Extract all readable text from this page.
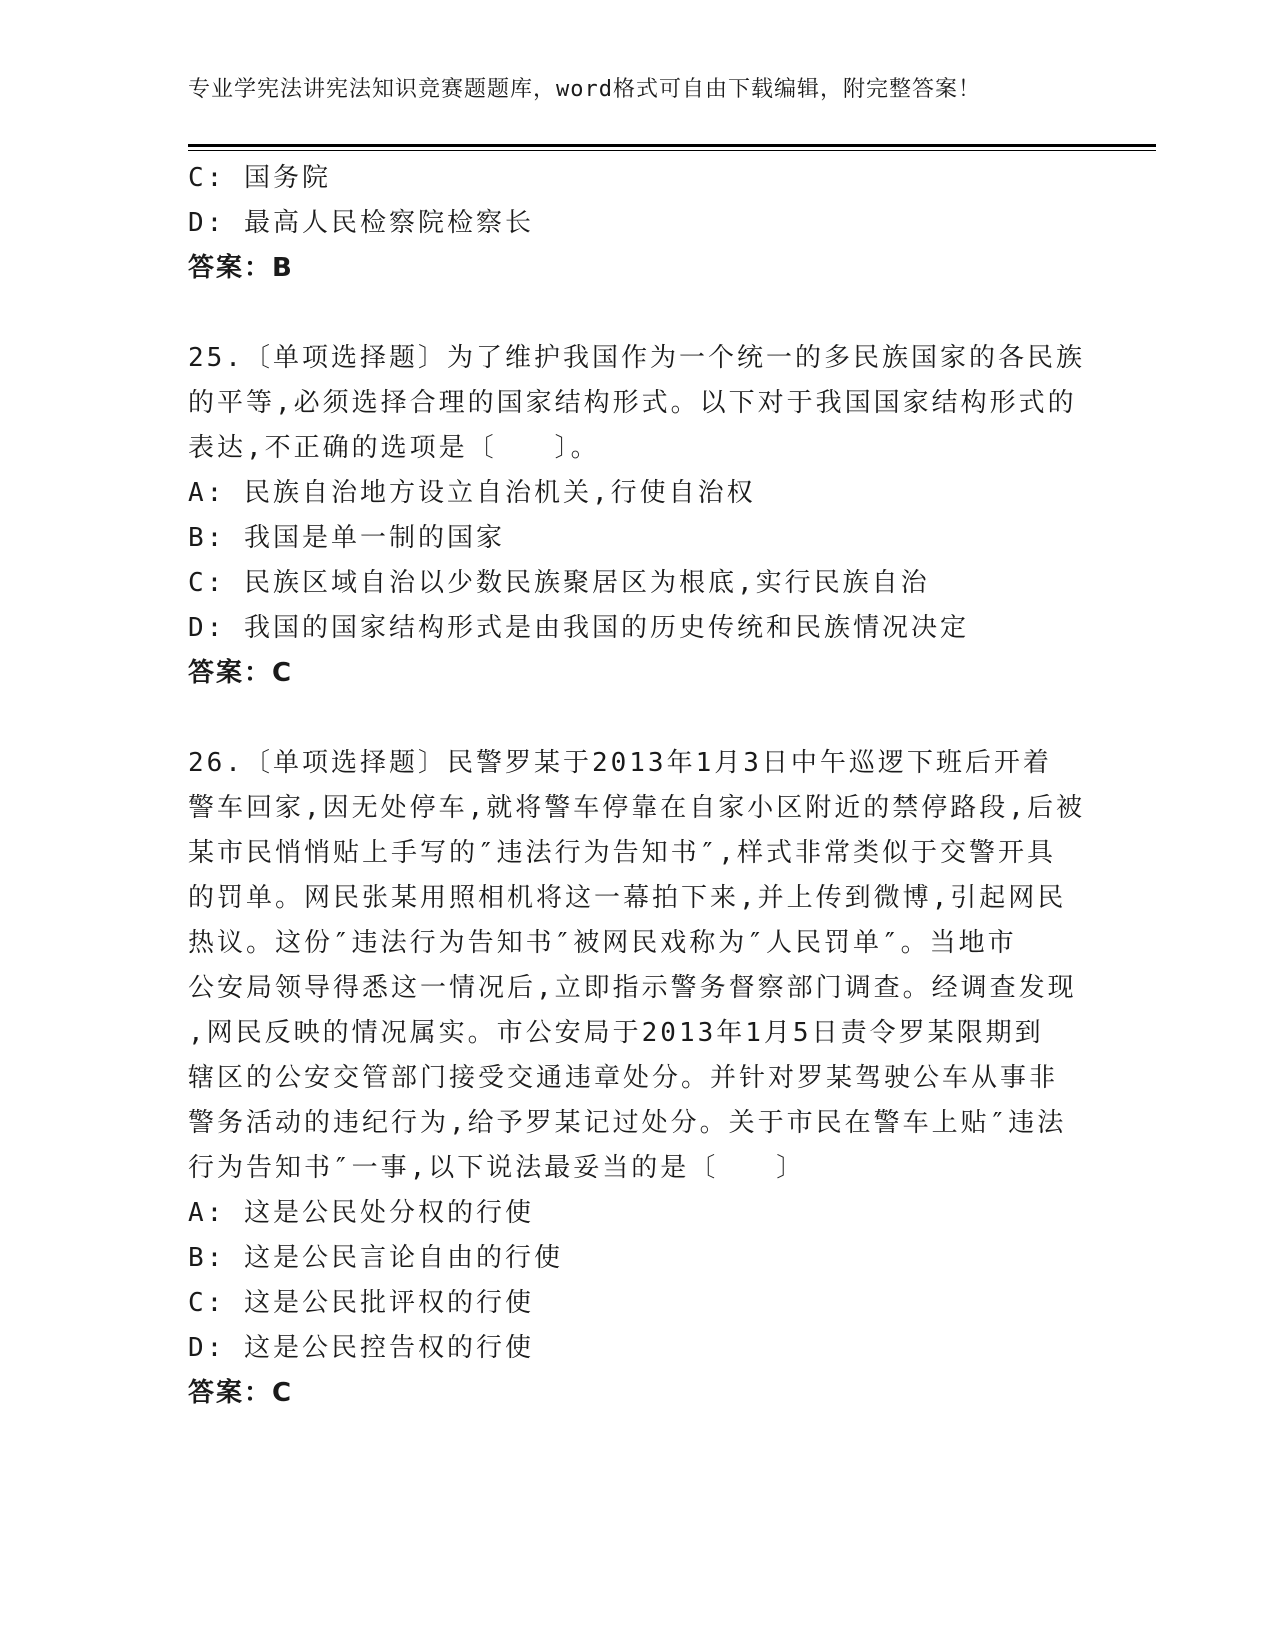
专业学宪法讲宪法知识竞赛题题库，word格式可自由下载编辑，附完整答案！
C: 国务院
D: 最高人民检察院检察长
答案：B
25.〔单项选择题〕为了维护我国作为一个统一的多民族国家的各民族
的平等,必须选择合理的国家结构形式。以下对于我国国家结构形式的
表达,不正确的选项是〔　　〕。
A: 民族自治地方设立自治机关,行使自治权
B: 我国是单一制的国家
C: 民族区域自治以少数民族聚居区为根底,实行民族自治
D: 我国的国家结构形式是由我国的历史传统和民族情况决定
答案：C
26.〔单项选择题〕民警罗某于2013年1月3日中午巡逻下班后开着
警车回家,因无处停车,就将警车停靠在自家小区附近的禁停路段,后被
某市民悄悄贴上手写的″违法行为告知书″,样式非常类似于交警开具
的罚单。网民张某用照相机将这一幕拍下来,并上传到微博,引起网民
热议。这份″违法行为告知书″被网民戏称为″人民罚单″。当地市
公安局领导得悉这一情况后,立即指示警务督察部门调查。经调查发现
,网民反映的情况属实。市公安局于2013年1月5日责令罗某限期到
辖区的公安交管部门接受交通违章处分。并针对罗某驾驶公车从事非
警务活动的违纪行为,给予罗某记过处分。关于市民在警车上贴″违法
行为告知书″一事,以下说法最妥当的是〔　　〕
A: 这是公民处分权的行使
B: 这是公民言论自由的行使
C: 这是公民批评权的行使
D: 这是公民控告权的行使
答案：C
